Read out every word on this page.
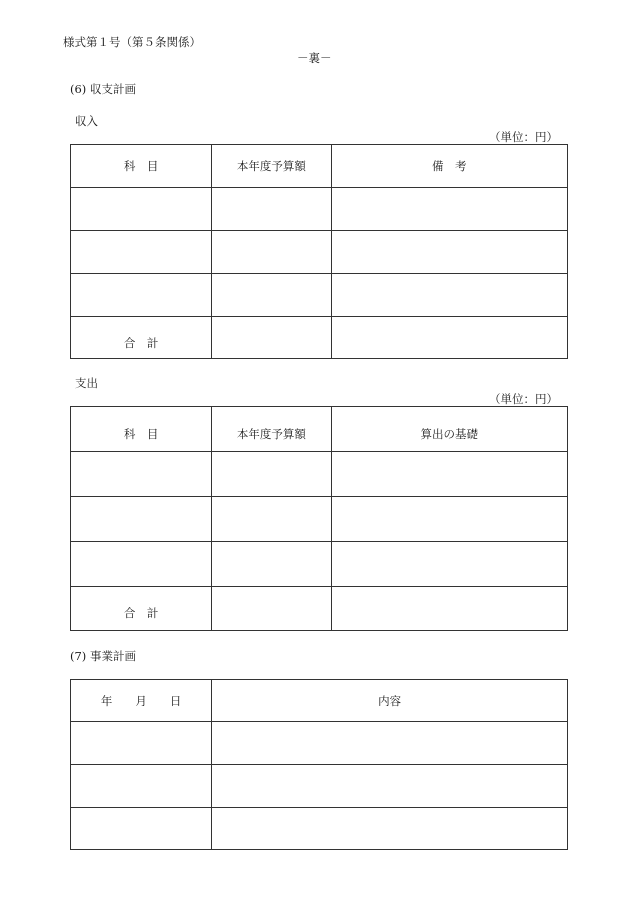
様式第１号（第５条関係）
－裏－
(6) 収支計画
収入
（単位：円）
科　目	本年度予算額	備　考

合　計		
支出
（単位：円）
科　目	本年度予算額	算出の基礎

合　計		
(7) 事業計画
年　　月　　日	内容
